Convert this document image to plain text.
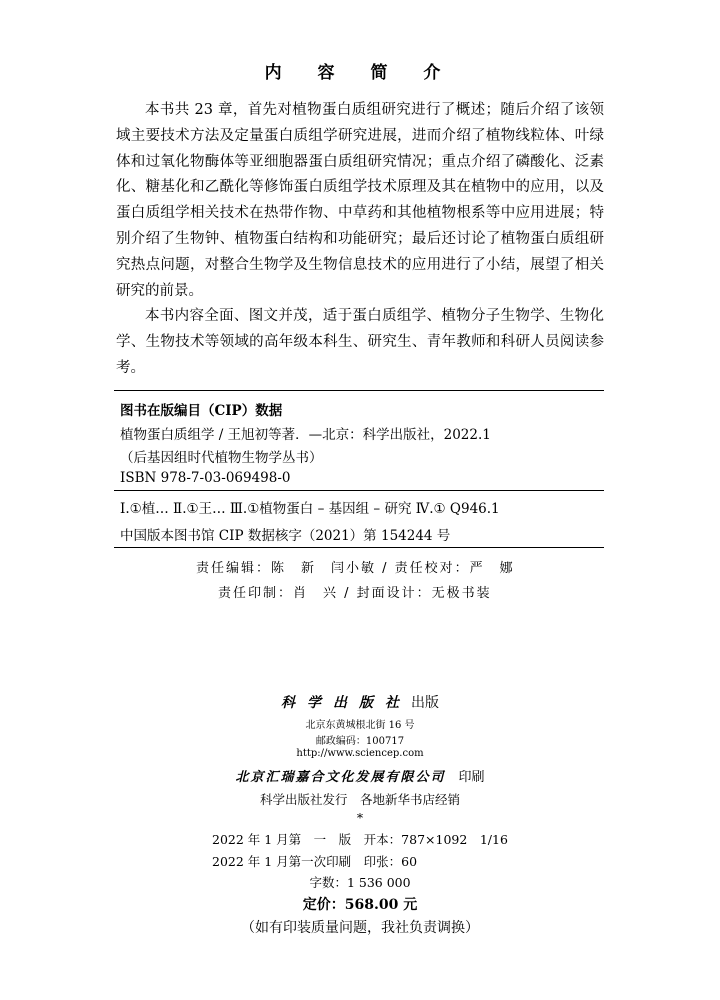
内 容 简 介

本书共 23 章，首先对植物蛋白质组研究进行了概述；随后介绍了该领域主要技术方法及定量蛋白质组学研究进展，进而介绍了植物线粒体、叶绿体和过氧化物酶体等亚细胞器蛋白质组研究情况；重点介绍了磷酸化、泛素化、糖基化和乙酰化等修饰蛋白质组学技术原理及其在植物中的应用，以及蛋白质组学相关技术在热带作物、中草药和其他植物根系等中应用进展；特别介绍了生物钟、植物蛋白结构和功能研究；最后还讨论了植物蛋白质组研究热点问题，对整合生物学及生物信息技术的应用进行了小结，展望了相关研究的前景。

本书内容全面、图文并茂，适于蛋白质组学、植物分子生物学、生物化学、生物技术等领域的高年级本科生、研究生、青年教师和科研人员阅读参考。

图书在版编目（CIP）数据
植物蛋白质组学 / 王旭初等著．—北京：科学出版社，2022.1
（后基因组时代植物生物学丛书）
ISBN 978-7-03-069498-0
Ⅰ.①植… Ⅱ.①王… Ⅲ.①植物蛋白 – 基因组 – 研究 Ⅳ.① Q946.1
中国版本图书馆 CIP 数据核字（2021）第 154244 号
责任编辑：陈　新　闫小敏 / 责任校对：严　娜
责任印制：肖　兴 / 封面设计：无极书装
科学出版社出版
北京东黄城根北街 16 号
邮政编码：100717
http://www.sciencep.com
北京汇瑞嘉合文化发展有限公司　 印刷
科学出版社发行　各地新华书店经销
*
2022 年 1 月第　一　版　开本：787×1092　1/16
2022 年 1 月第一次印刷　印张：60
字数：1 536 000
定价：568.00 元
（如有印装质量问题，我社负责调换）
